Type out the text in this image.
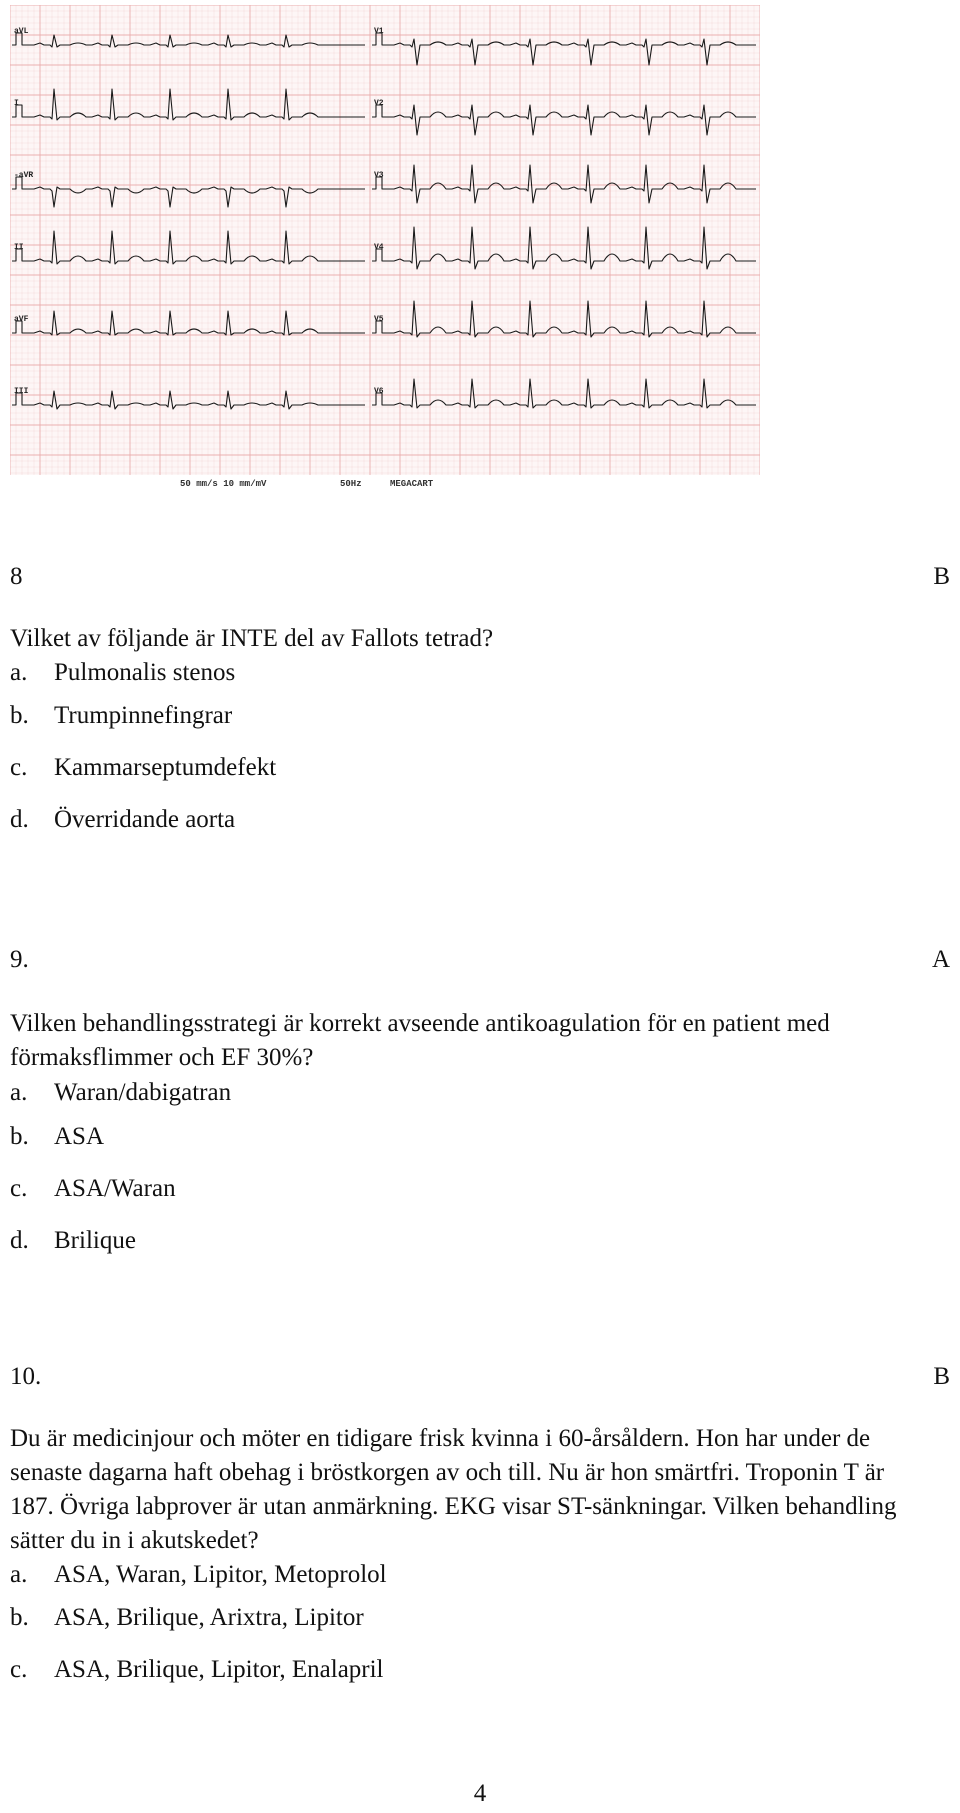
aVL	V1
I	V2
-aVR	V3
II	V4
aVF	V5
III	V6
50 mm/s 10 mm/mV	50Hz	MEGACART
8	B
Vilket av följande är INTE del av Fallots tetrad?
a. Pulmonalis stenos
b. Trumpinnefingrar
c. Kammarseptumdefekt
d. Överridande aorta
9.	A
Vilken behandlingsstrategi är korrekt avseende antikoagulation för en patient med förmaksflimmer och EF 30%?
a. Waran/dabigatran
b. ASA
c. ASA/Waran
d. Brilique
10.	B
Du är medicinjour och möter en tidigare frisk kvinna i 60-årsåldern. Hon har under de senaste dagarna haft obehag i bröstkorgen av och till. Nu är hon smärtfri. Troponin T är 187. Övriga labprover är utan anmärkning. EKG visar ST-sänkningar. Vilken behandling sätter du in i akutskedet?
a. ASA, Waran, Lipitor, Metoprolol
b. ASA, Brilique, Arixtra, Lipitor
c. ASA, Brilique, Lipitor, Enalapril
4
